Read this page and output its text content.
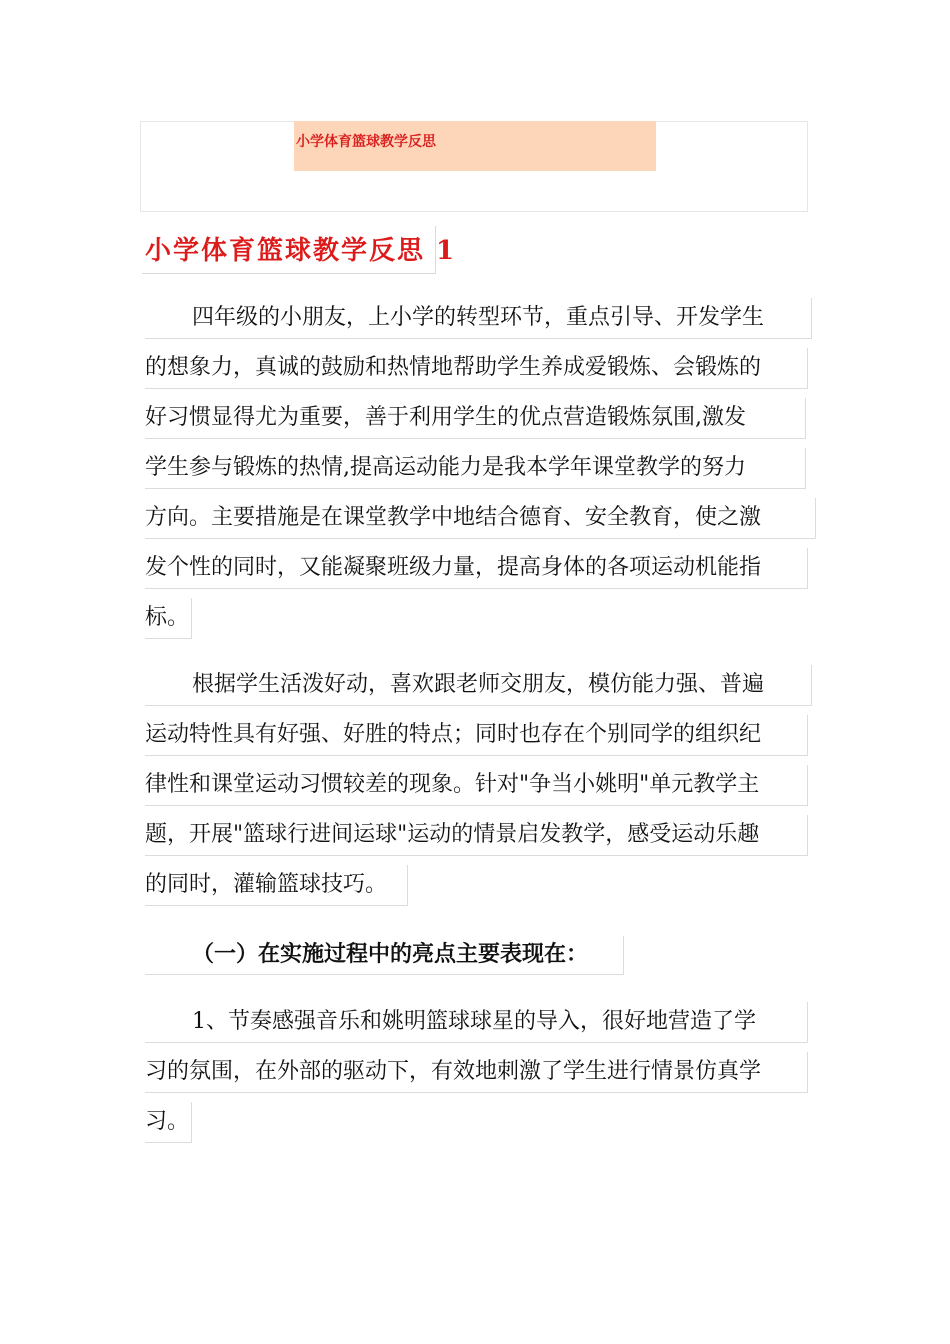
小学体育篮球教学反思
小学体育篮球教学反思 1
四年级的小朋友，上小学的转型环节，重点引导、开发学生
的想象力，真诚的鼓励和热情地帮助学生养成爱锻炼、会锻炼的
好习惯显得尤为重要，善于利用学生的优点营造锻炼氛围,激发
学生参与锻炼的热情,提高运动能力是我本学年课堂教学的努力
方向。主要措施是在课堂教学中地结合德育、安全教育，使之激
发个性的同时，又能凝聚班级力量，提高身体的各项运动机能指
标。
根据学生活泼好动，喜欢跟老师交朋友，模仿能力强、普遍
运动特性具有好强、好胜的特点；同时也存在个别同学的组织纪
律性和课堂运动习惯较差的现象。针对"争当小姚明"单元教学主
题，开展"篮球行进间运球"运动的情景启发教学，感受运动乐趣
的同时，灌输篮球技巧。
（一）在实施过程中的亮点主要表现在：
1、节奏感强音乐和姚明篮球球星的导入，很好地营造了学
习的氛围，在外部的驱动下，有效地刺激了学生进行情景仿真学
习。
